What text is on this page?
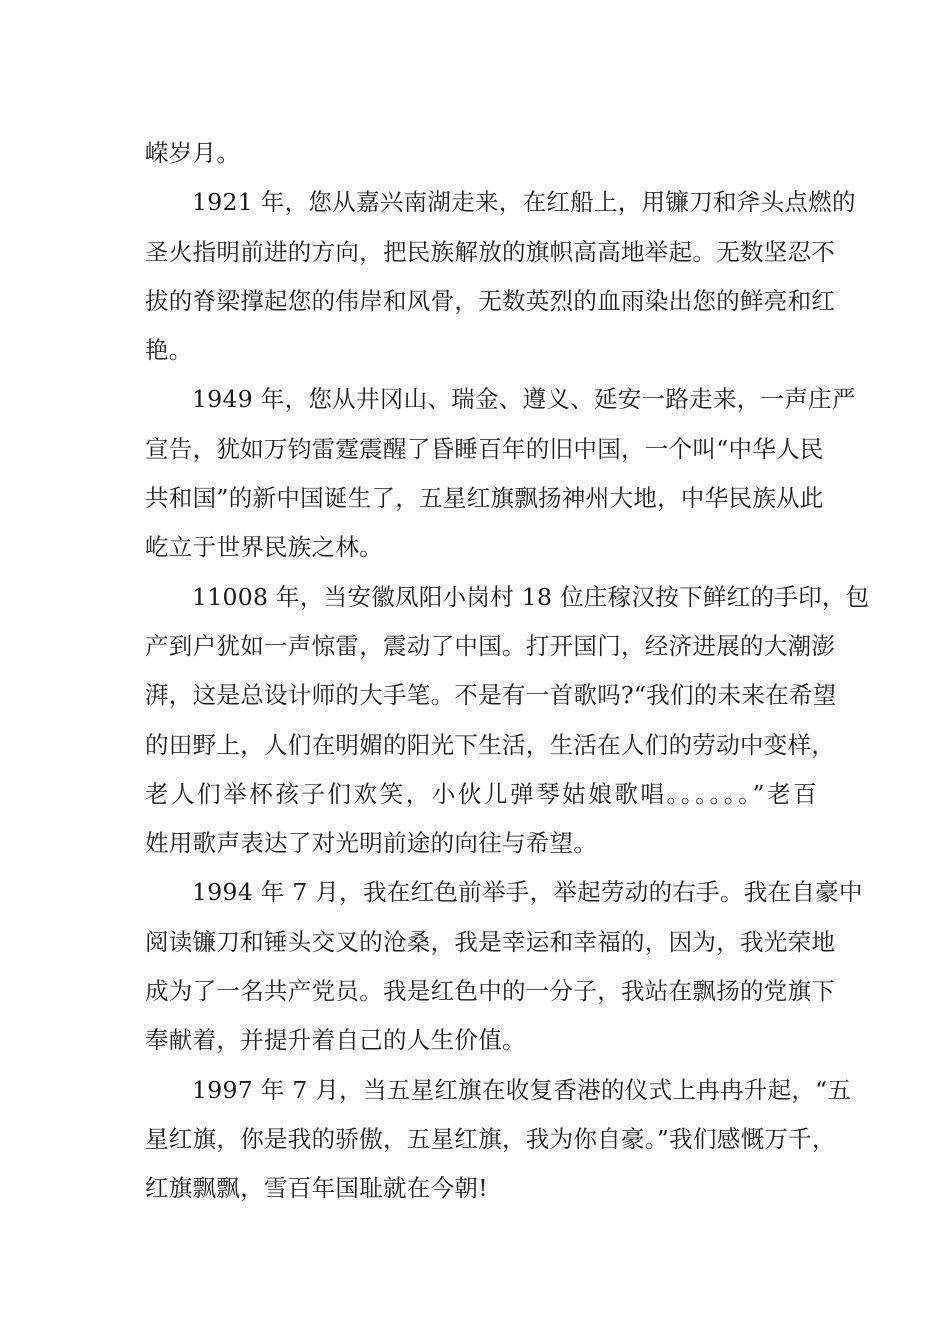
嵘岁月。
1921 年，您从嘉兴南湖走来，在红船上，用镰刀和斧头点燃的
圣火指明前进的方向，把民族解放的旗帜高高地举起。无数坚忍不
拔的脊梁撑起您的伟岸和风骨，无数英烈的血雨染出您的鲜亮和红
艳。
1949 年，您从井冈山、瑞金、遵义、延安一路走来，一声庄严
宣告，犹如万钧雷霆震醒了昏睡百年的旧中国，一个叫“中华人民
共和国”的新中国诞生了，五星红旗飘扬神州大地，中华民族从此
屹立于世界民族之林。
11008 年，当安徽凤阳小岗村 18 位庄稼汉按下鲜红的手印，包
产到户犹如一声惊雷，震动了中国。打开国门，经济进展的大潮澎
湃，这是总设计师的大手笔。不是有一首歌吗?“我们的未来在希望
的田野上，人们在明媚的阳光下生活，生活在人们的劳动中变样，
老人们举杯孩子们欢笑，小伙儿弹琴姑娘歌唱。。。。。。”老百
姓用歌声表达了对光明前途的向往与希望。
1994 年 7 月，我在红色前举手，举起劳动的右手。我在自豪中
阅读镰刀和锤头交叉的沧桑，我是幸运和幸福的，因为，我光荣地
成为了一名共产党员。我是红色中的一分子，我站在飘扬的党旗下
奉献着，并提升着自己的人生价值。
1997 年 7 月，当五星红旗在收复香港的仪式上冉冉升起，“五
星红旗，你是我的骄傲，五星红旗，我为你自豪。”我们感慨万千，
红旗飘飘，雪百年国耻就在今朝!
